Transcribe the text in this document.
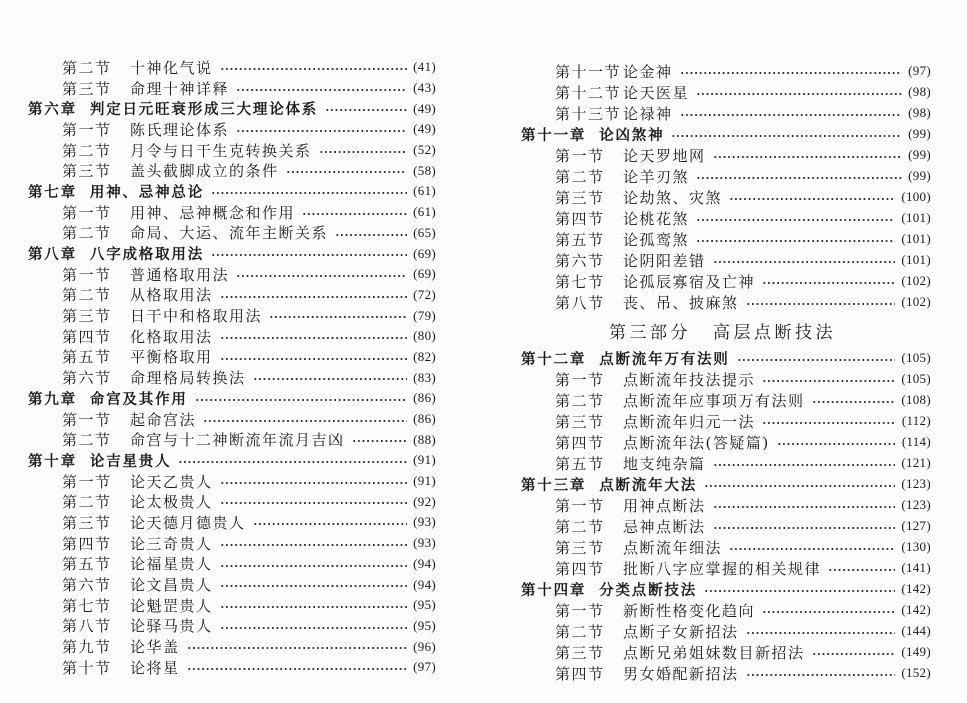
第二节	十神化气说	(41)
第三节	命理十神详释	(43)
第六章 判定日元旺衰形成三大理论体系	(49)
第一节	陈氏理论体系	(49)
第二节	月令与日干生克转换关系	(52)
第三节	盖头截脚成立的条件	(58)
第七章 用神、忌神总论	(61)
第一节	用神、忌神概念和作用	(61)
第二节	命局、大运、流年主断关系	(65)
第八章 八字成格取用法	(69)
第一节	普通格取用法	(69)
第二节	从格取用法	(72)
第三节	日干中和格取用法	(79)
第四节	化格取用法	(80)
第五节	平衡格取用	(82)
第六节	命理格局转换法	(83)
第九章 命宫及其作用	(86)
第一节	起命宫法	(86)
第二节	命宫与十二神断流年流月吉凶	(88)
第十章 论吉星贵人	(91)
第一节	论天乙贵人	(91)
第二节	论太极贵人	(92)
第三节	论天德月德贵人	(93)
第四节	论三奇贵人	(93)
第五节	论福星贵人	(94)
第六节	论文昌贵人	(94)
第七节	论魁罡贵人	(95)
第八节	论驿马贵人	(95)
第九节	论华盖	(96)
第十节	论将星	(97)
第十一节 论金神	(97)
第十二节 论天医星	(98)
第十三节 论禄神	(98)
第十一章 论凶煞神	(99)
第一节	论天罗地网	(99)
第二节	论羊刃煞	(99)
第三节	论劫煞、灾煞	(100)
第四节	论桃花煞	(101)
第五节	论孤鸾煞	(101)
第六节	论阴阳差错	(101)
第七节	论孤辰寡宿及亡神	(102)
第八节	丧、吊、披麻煞	(102)
第三部分 高层点断技法
第十二章 点断流年万有法则	(105)
第一节	点断流年技法提示	(105)
第二节	点断流年应事项万有法则	(108)
第三节	点断流年归元一法	(112)
第四节	点断流年法(答疑篇)	(114)
第五节	地支纯杂篇	(121)
第十三章 点断流年大法	(123)
第一节	用神点断法	(123)
第二节	忌神点断法	(127)
第三节	点断流年细法	(130)
第四节	批断八字应掌握的相关规律	(141)
第十四章 分类点断技法	(142)
第一节	新断性格变化趋向	(142)
第二节	点断子女新招法	(144)
第三节	点断兄弟姐妹数目新招法	(149)
第四节	男女婚配新招法	(152)
